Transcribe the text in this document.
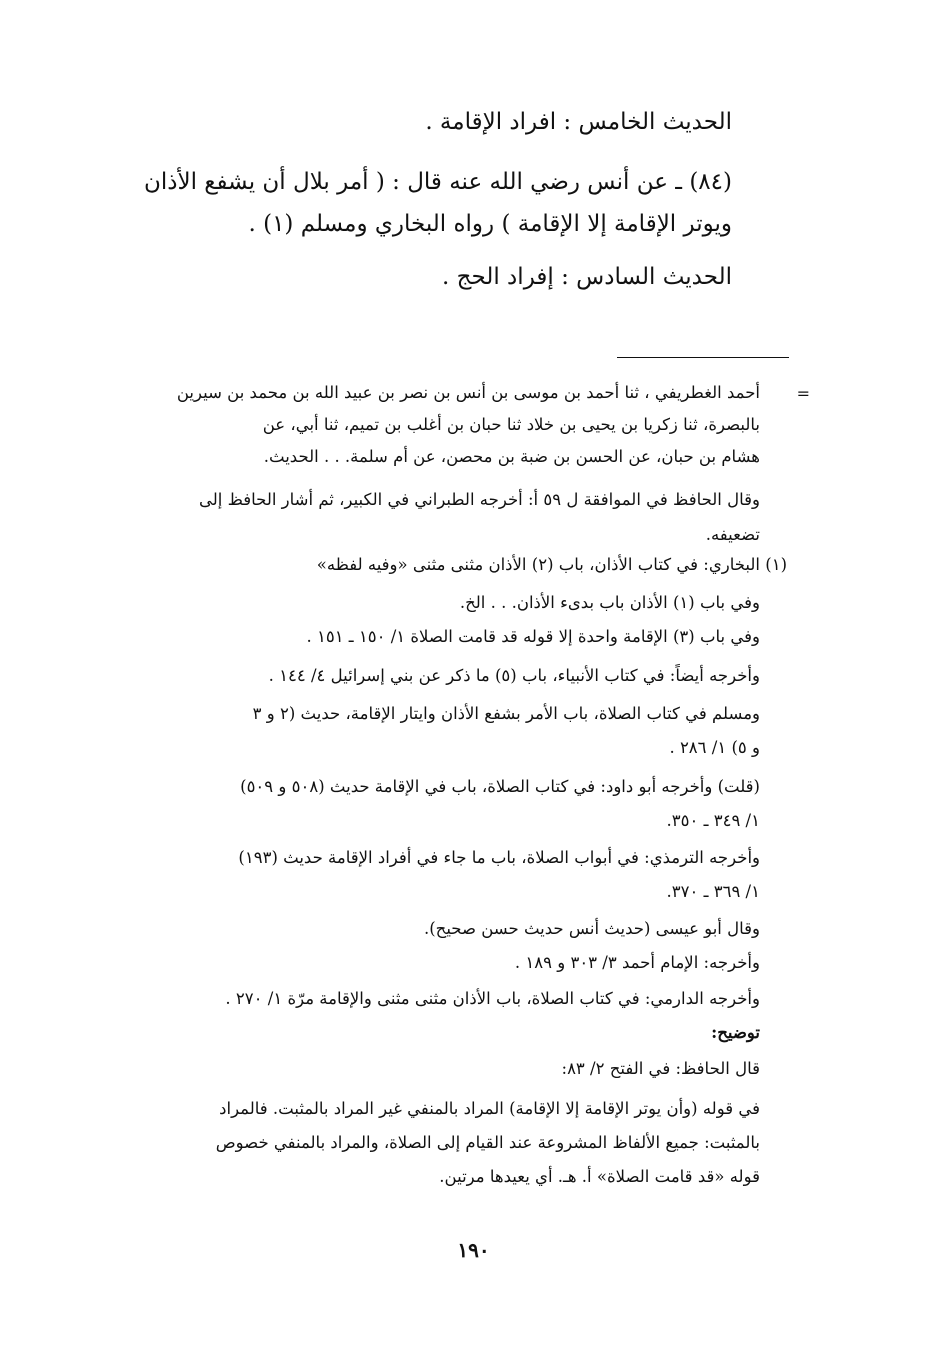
الحديث الخامس : افراد الإقامة .
(٨٤) ـ عن أنس رضي الله عنه قال : ( أمر بلال أن يشفع الأذان
ويوتر الإقامة إلا الإقامة ) رواه البخاري ومسلم (١) .
الحديث السادس : إفراد الحج .
=
أحمد الغطريفي ، ثنا أحمد بن موسى بن أنس بن نصر بن عبيد الله بن محمد بن سيرين
بالبصرة، ثنا زكريا بن يحيى بن خلاد ثنا حبان بن أغلب بن تميم، ثنا أبي، عن
هشام بن حبان، عن الحسن بن ضبة بن محصن، عن أم سلمة. . . الحديث.
وقال الحافظ في الموافقة ل ٥٩ أ: أخرجه الطبراني في الكبير، ثم أشار الحافظ إلى
تضعيفه.
(١) البخاري: في كتاب الأذان، باب (٢) الأذان مثنى مثنى «وفيه لفظه»
وفي باب (١) الأذان باب بدىء الأذان. . . الخ.
وفي باب (٣) الإقامة واحدة إلا قوله قد قامت الصلاة ١/ ١٥٠ ـ ١٥١ .
وأخرجه أيضاً: في كتاب الأنبياء، باب (٥) ما ذكر عن بني إسرائيل ٤/ ١٤٤ .
ومسلم في كتاب الصلاة، باب الأمر بشفع الأذان وايتار الإقامة، حديث (٢ و ٣
و ٥) ١/ ٢٨٦ .
(قلت) وأخرجه أبو داود: في كتاب الصلاة، باب في الإقامة حديث (٥٠٨ و ٥٠٩)
١/ ٣٤٩ ـ ٣٥٠.
وأخرجه الترمذي: في أبواب الصلاة، باب ما جاء في أفراد الإقامة حديث (١٩٣)
١/ ٣٦٩ ـ ٣٧٠.
وقال أبو عيسى (حديث أنس حديث حسن صحيح).
وأخرجه: الإمام أحمد ٣/ ٣٠٣ و ١٨٩ .
وأخرجه الدارمي: في كتاب الصلاة، باب الأذان مثنى مثنى والإقامة مرّة ١/ ٢٧٠ .
توضيح:
قال الحافظ: في الفتح ٢/ ٨٣:
في قوله (وأن يوتر الإقامة إلا الإقامة) المراد بالمنفي غير المراد بالمثبت. فالمراد
بالمثبت: جميع الألفاظ المشروعة عند القيام إلى الصلاة، والمراد بالمنفي خصوص
قوله «قد قامت الصلاة» أ. هـ. أي يعيدها مرتين.
١٩٠
